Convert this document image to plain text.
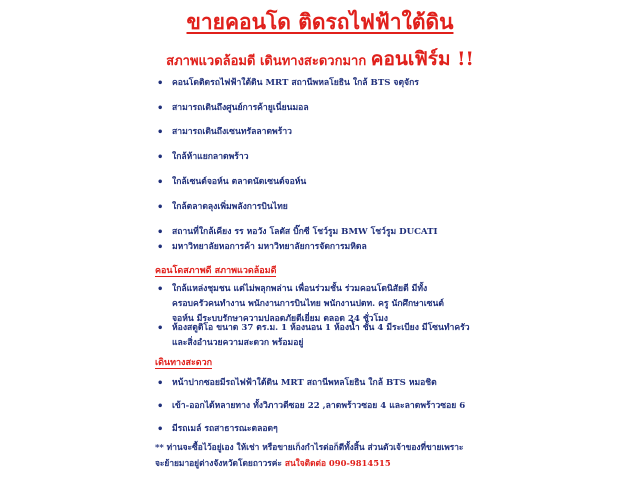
ขายคอนโด ติดรถไฟฟ้าใต้ดิน
สภาพแวดล้อมดี เดินทางสะดวกมาก คอนเฟิร์ม !!
• คอนโดติดรถไฟฟ้าใต้ดิน MRT สถานีพหลโยธิน ใกล้ BTS จตุจักร
• สามารถเดินถึงศูนย์การค้ายูเนี่ยนมอล
• สามารถเดินถึงเซนทรัลลาดพร้าว
• ใกล้ห้าแยกลาดพร้าว
• ใกล้เซนต์จอห์น ตลาดนัดเซนต์จอห์น
• ใกล้ตลาดลุงเพิ่มพลังการบินไทย
• สถานที่ใกล้เคียง รร หอวัง โลตัส บิ๊กซี โชว์รูม BMW โชว์รูม DUCATI
• มหาวิทยาลัยหอการค้า มหาวิทยาลัยการจัดการมหิดล
คอนโดสภาพดี สภาพแวดล้อมดี
• ใกล้แหล่งชุมชน แต่ไม่พลุกพล่าน เพื่อนร่วมชั้น ร่วมคอนโดนิสัยดี มีทั้ง
ครอบครัวคนทำงาน พนักงานการบินไทย พนักงานปตท. ครู นักศึกษาเซนต์
จอห์น มีระบบรักษาความปลอดภัยดีเยี่ยม ตลอด 24 ชั่วโมง
• ห้องสตูดิโอ ขนาด 37 ตร.ม. 1 ห้องนอน 1 ห้องน้ำ ชั้น 4 มีระเบียง มีโซนทำครัว
และสิ่งอำนวยความสะดวก พร้อมอยู่
เดินทางสะดวก
• หน้าปากซอยมีรถไฟฟ้าใต้ดิน MRT สถานีพหลโยธิน ใกล้ BTS หมอชิต
• เข้า-ออกได้หลายทาง ทั้งวิภาวดีซอย 22 ,ลาดพร้าวซอย 4 และลาดพร้าวซอย 6
• มีรถเมล์ รถสาธารณะตลอดๆ
** ท่านจะซื้อไว้อยู่เอง ให้เช่า หรือขายเก็งกำไรต่อก็ดีทั้งสิ้น ส่วนตัวเจ้าของที่ขายเพราะ
จะย้ายมาอยู่ต่างจังหวัดโดยถาวรค่ะ สนใจติดต่อ 090-9814515
